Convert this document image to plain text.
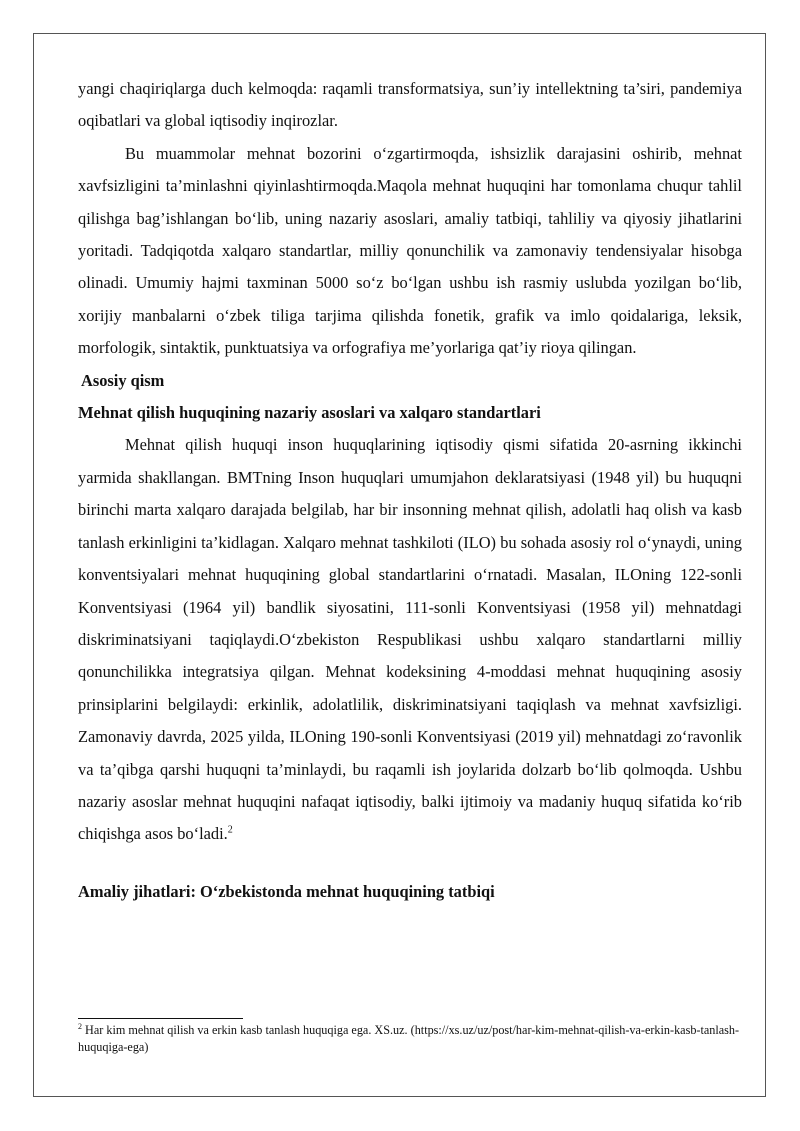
yangi chaqiriqlarga duch kelmoqda: raqamli transformatsiya, sun’iy intellektning ta’siri, pandemiya oqibatlari va global iqtisodiy inqirozlar.

Bu muammolar mehnat bozorini o‘zgartirmoqda, ishsizlik darajasini oshirib, mehnat xavfsizligini ta’minlashni qiyinlashtirmoqda.Maqola mehnat huquqini har tomonlama chuqur tahlil qilishga bag’ishlangan bo‘lib, uning nazariy asoslari, amaliy tatbiqi, tahliliy va qiyosiy jihatlarini yoritadi. Tadqiqotda xalqaro standartlar, milliy qonunchilik va zamonaviy tendensiyalar hisobga olinadi. Umumiy hajmi taxminan 5000 so‘z bo‘lgan ushbu ish rasmiy uslubda yozilgan bo‘lib, xorijiy manbalarni o‘zbek tiliga tarjima qilishda fonetik, grafik va imlo qoidalariga, leksik, morfologik, sintaktik, punktuatsiya va orfografiya me’yorlariga qat’iy rioya qilingan.

Asosiy qism

Mehnat qilish huquqining nazariy asoslari va xalqaro standartlari

Mehnat qilish huquqi inson huquqlarining iqtisodiy qismi sifatida 20-asrning ikkinchi yarmida shakllangan. BMTning Inson huquqlari umumjahon deklaratsiyasi (1948 yil) bu huquqni birinchi marta xalqaro darajada belgilab, har bir insonning mehnat qilish, adolatli haq olish va kasb tanlash erkinligini ta’kidlagan. Xalqaro mehnat tashkiloti (ILO) bu sohada asosiy rol o‘ynaydi, uning konventsiyalari mehnat huquqining global standartlarini o‘rnatadi. Masalan, ILOning 122-sonli Konventsiyasi (1964 yil) bandlik siyosatini, 111-sonli Konventsiyasi (1958 yil) mehnatdagi diskriminatsiyani taqiqlaydi.O‘zbekiston Respublikasi ushbu xalqaro standartlarni milliy qonunchilikka integratsiya qilgan. Mehnat kodeksining 4-moddasi mehnat huquqining asosiy prinsiplarini belgilaydi: erkinlik, adolatlilik, diskriminatsiyani taqiqlash va mehnat xavfsizligi. Zamonaviy davrda, 2025 yilda, ILOning 190-sonli Konventsiyasi (2019 yil) mehnatdagi zo‘ravonlik va ta’qibga qarshi huquqni ta’minlaydi, bu raqamli ish joylarida dolzarb bo‘lib qolmoqda. Ushbu nazariy asoslar mehnat huquqini nafaqat iqtisodiy, balki ijtimoiy va madaniy huquq sifatida ko‘rib chiqishga asos bo‘ladi.$^2$

Amaliy jihatlari: O‘zbekistonda mehnat huquqining tatbiqi

$^2$ Har kim mehnat qilish va erkin kasb tanlash huquqiga ega. XS.uz. (https://xs.uz/uz/post/har-kim-mehnat-qilish-va-erkin-kasb-tanlash-huquqiga-ega)
